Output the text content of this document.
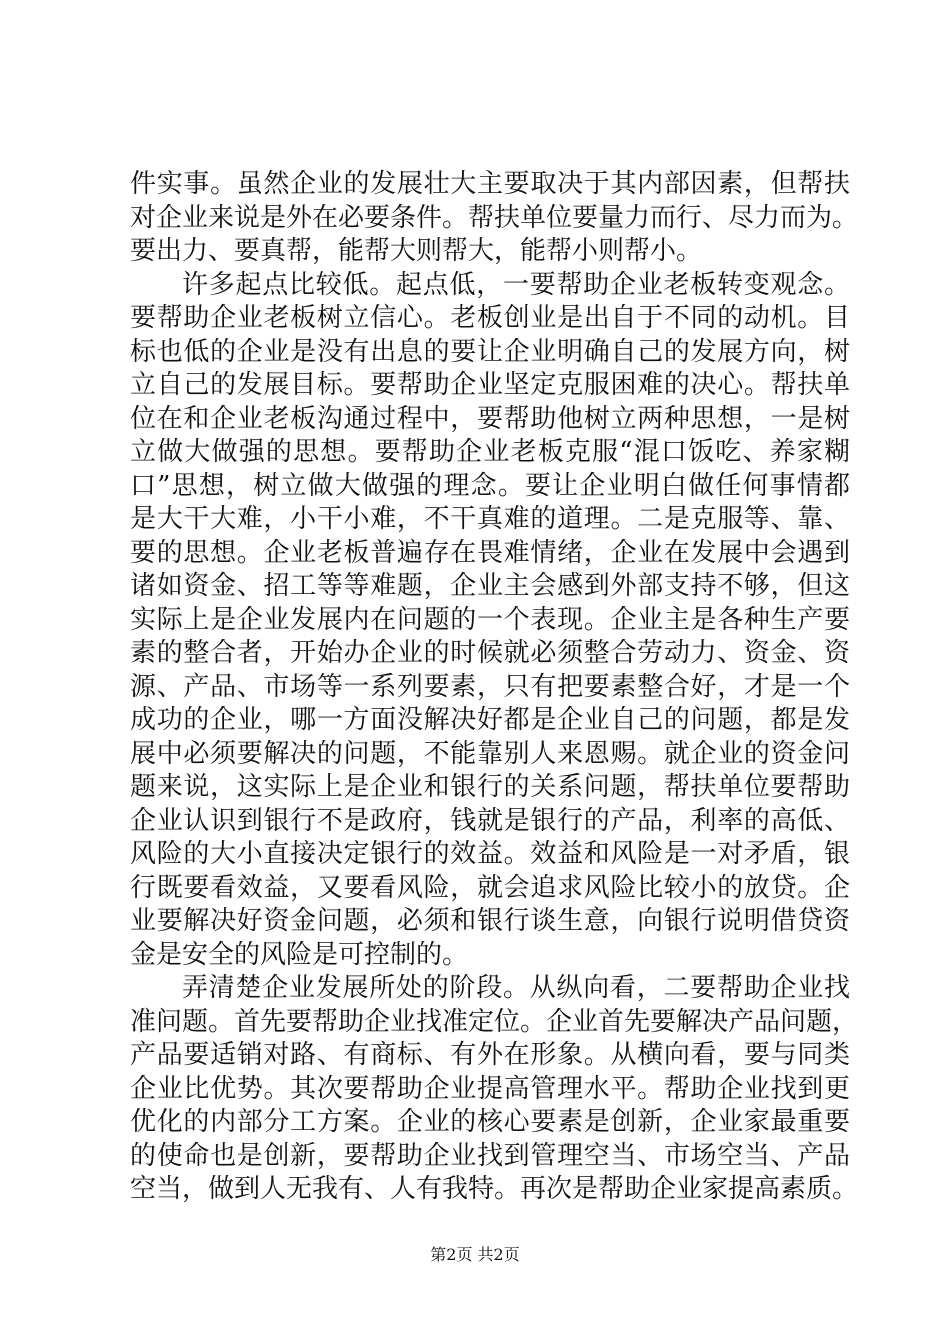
件实事。虽然企业的发展壮大主要取决于其内部因素，但帮扶
对企业来说是外在必要条件。帮扶单位要量力而行、尽力而为。
要出力、要真帮，能帮大则帮大，能帮小则帮小。
许多起点比较低。起点低，一要帮助企业老板转变观念。
要帮助企业老板树立信心。老板创业是出自于不同的动机。目
标也低的企业是没有出息的要让企业明确自己的发展方向，树
立自己的发展目标。要帮助企业坚定克服困难的决心。帮扶单
位在和企业老板沟通过程中，要帮助他树立两种思想，一是树
立做大做强的思想。要帮助企业老板克服“混口饭吃、养家糊
口”思想，树立做大做强的理念。要让企业明白做任何事情都
是大干大难，小干小难，不干真难的道理。二是克服等、靠、
要的思想。企业老板普遍存在畏难情绪，企业在发展中会遇到
诸如资金、招工等等难题，企业主会感到外部支持不够，但这
实际上是企业发展内在问题的一个表现。企业主是各种生产要
素的整合者，开始办企业的时候就必须整合劳动力、资金、资
源、产品、市场等一系列要素，只有把要素整合好，才是一个
成功的企业，哪一方面没解决好都是企业自己的问题，都是发
展中必须要解决的问题，不能靠别人来恩赐。就企业的资金问
题来说，这实际上是企业和银行的关系问题，帮扶单位要帮助
企业认识到银行不是政府，钱就是银行的产品，利率的高低、
风险的大小直接决定银行的效益。效益和风险是一对矛盾，银
行既要看效益，又要看风险，就会追求风险比较小的放贷。企
业要解决好资金问题，必须和银行谈生意，向银行说明借贷资
金是安全的风险是可控制的。
弄清楚企业发展所处的阶段。从纵向看，二要帮助企业找
准问题。首先要帮助企业找准定位。企业首先要解决产品问题，
产品要适销对路、有商标、有外在形象。从横向看，要与同类
企业比优势。其次要帮助企业提高管理水平。帮助企业找到更
优化的内部分工方案。企业的核心要素是创新，企业家最重要
的使命也是创新，要帮助企业找到管理空当、市场空当、产品
空当，做到人无我有、人有我特。再次是帮助企业家提高素质。
第2页 共2页
